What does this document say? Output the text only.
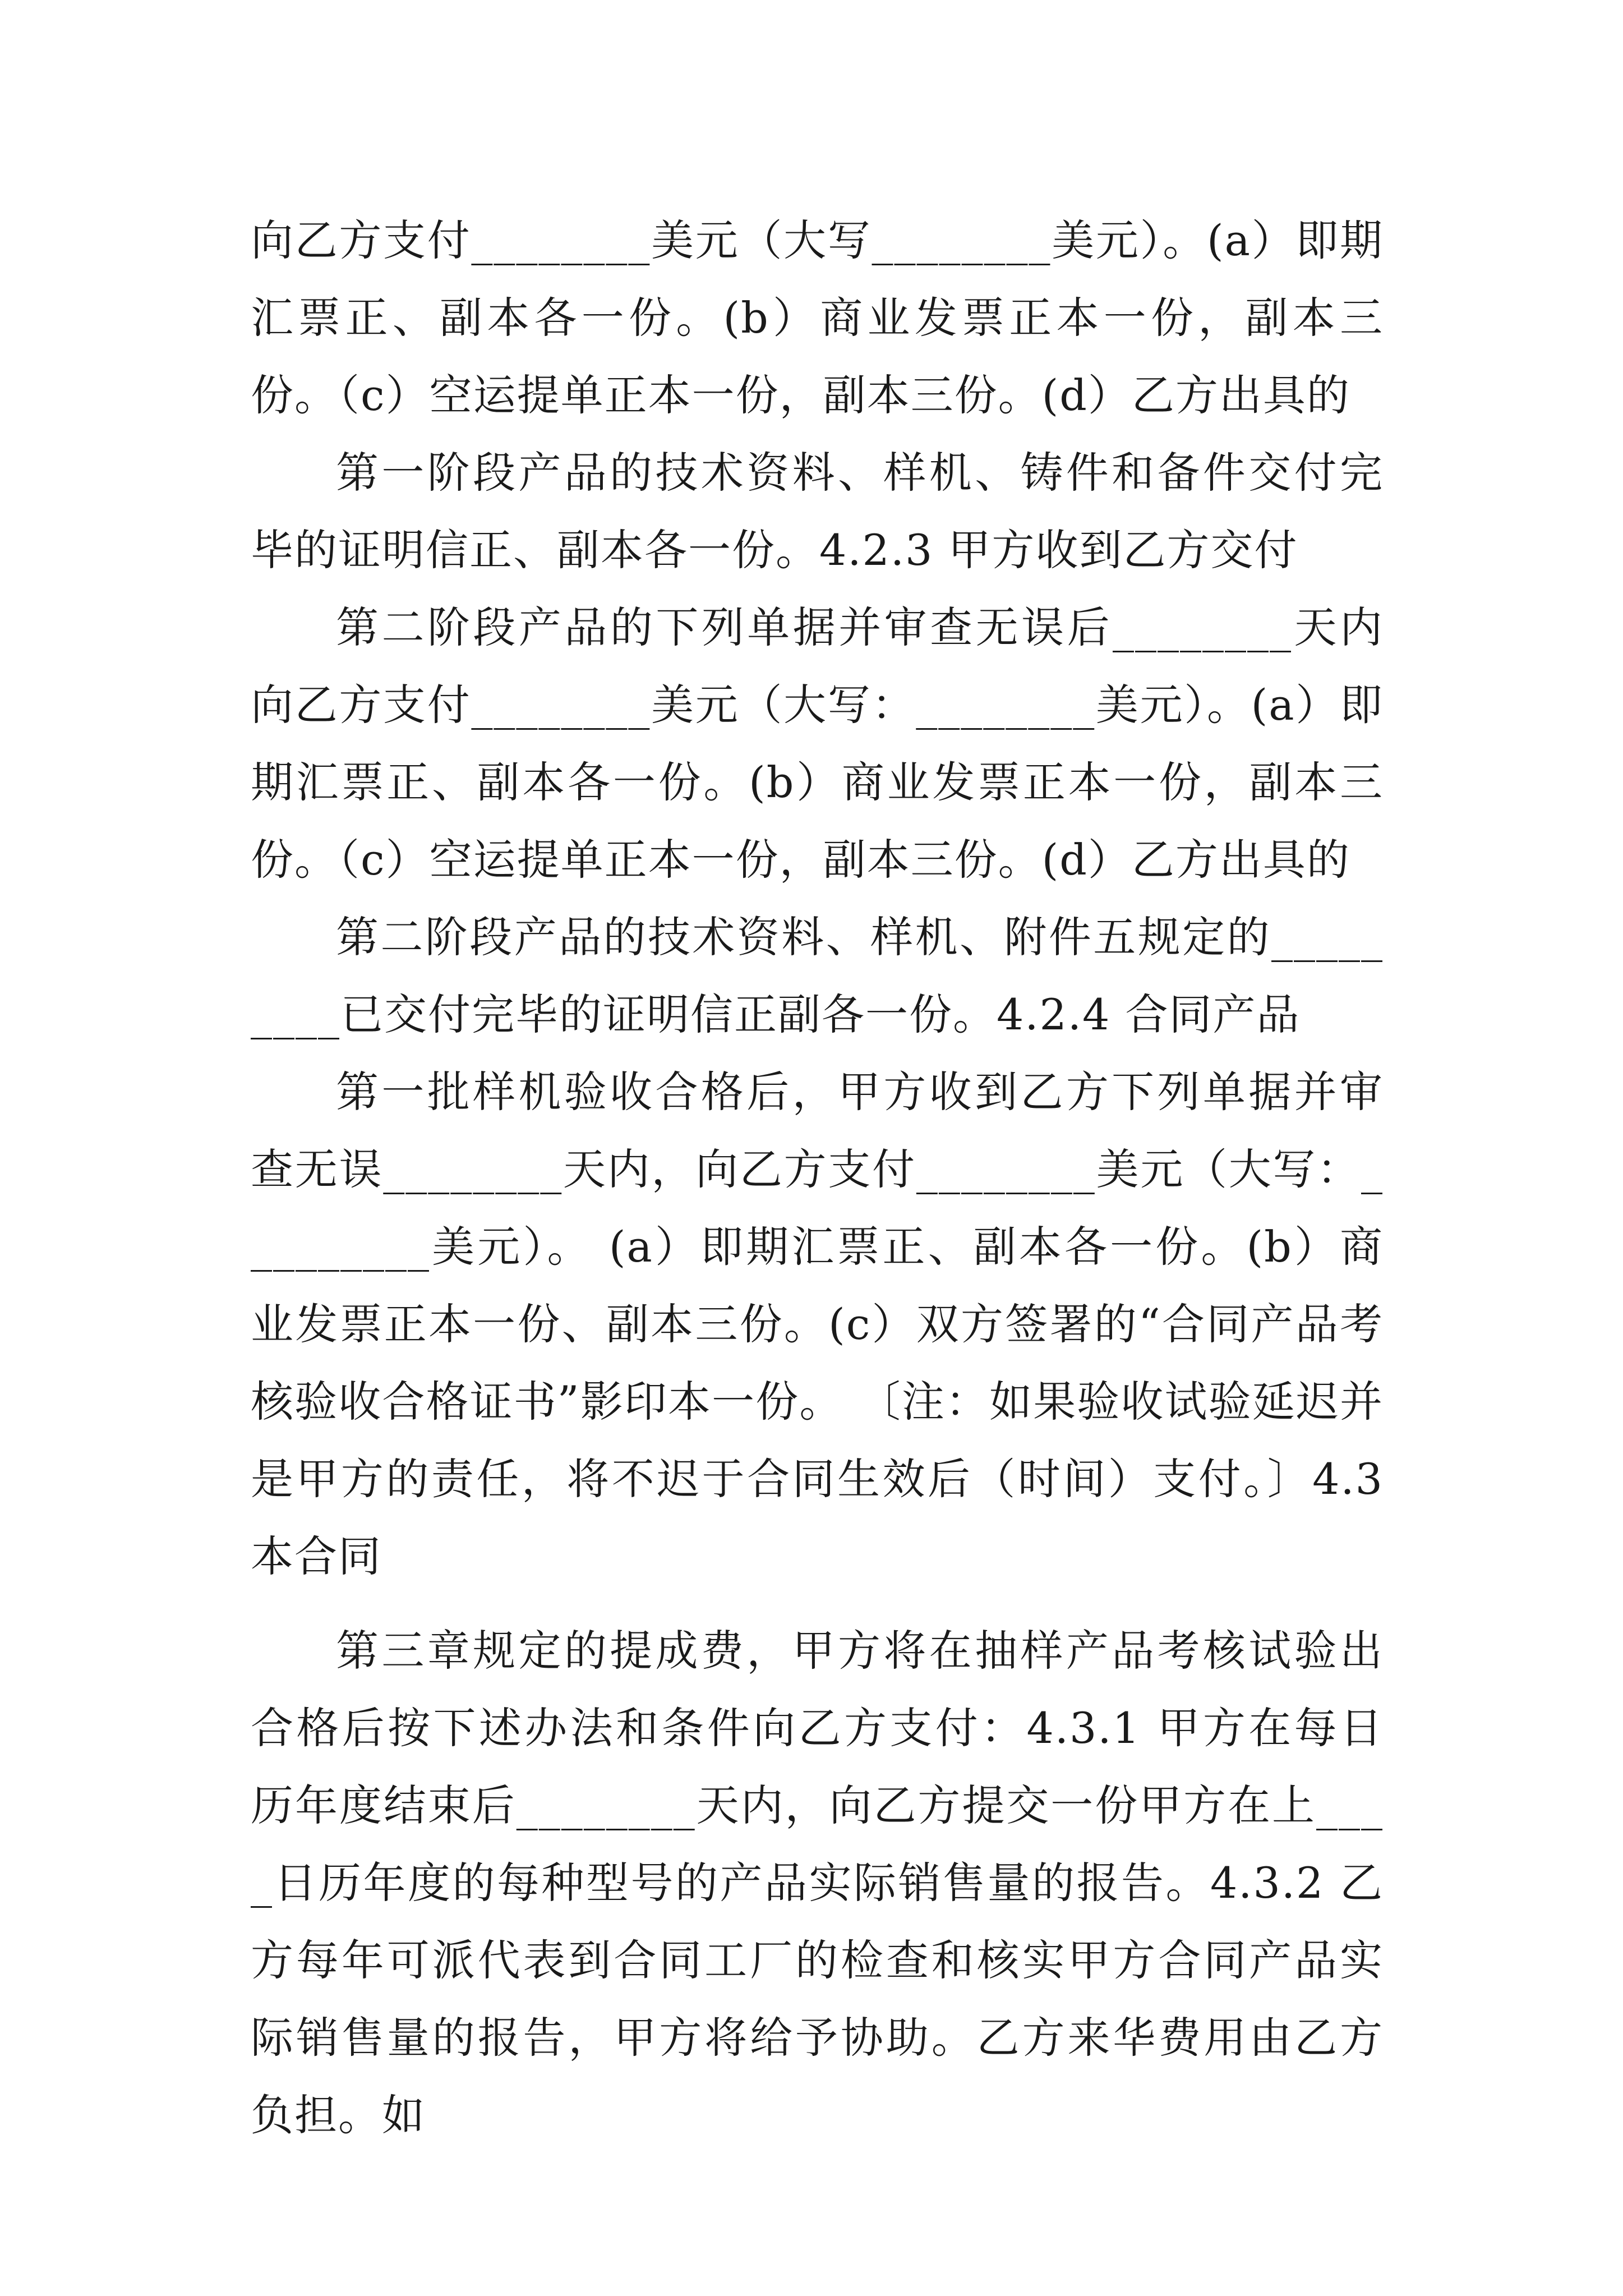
向乙方支付________美元（大写________美元）。(a）即期汇票正、副本各一份。(b）商业发票正本一份，副本三份。（c）空运提单正本一份，副本三份。(d）乙方出具的

第一阶段产品的技术资料、样机、铸件和备件交付完毕的证明信正、副本各一份。4.2.3 甲方收到乙方交付

第二阶段产品的下列单据并审查无误后________天内向乙方支付________美元（大写：________美元）。(a）即期汇票正、副本各一份。(b）商业发票正本一份，副本三份。（c）空运提单正本一份，副本三份。(d）乙方出具的

第二阶段产品的技术资料、样机、附件五规定的_________已交付完毕的证明信正副各一份。4.2.4 合同产品

第一批样机验收合格后，甲方收到乙方下列单据并审查无误________天内，向乙方支付________美元（大写：_________美元）。 (a）即期汇票正、副本各一份。(b）商业发票正本一份、副本三份。(c）双方签署的“合同产品考核验收合格证书”影印本一份。 〔注：如果验收试验延迟并是甲方的责任，将不迟于合同生效后（时间）支付。〕4.3 本合同

第三章规定的提成费，甲方将在抽样产品考核试验出合格后按下述办法和条件向乙方支付：4.3.1 甲方在每日历年度结束后________天内，向乙方提交一份甲方在上____日历年度的每种型号的产品实际销售量的报告。4.3.2 乙方每年可派代表到合同工厂的检查和核实甲方合同产品实际销售量的报告，甲方将给予协助。乙方来华费用由乙方负担。如
